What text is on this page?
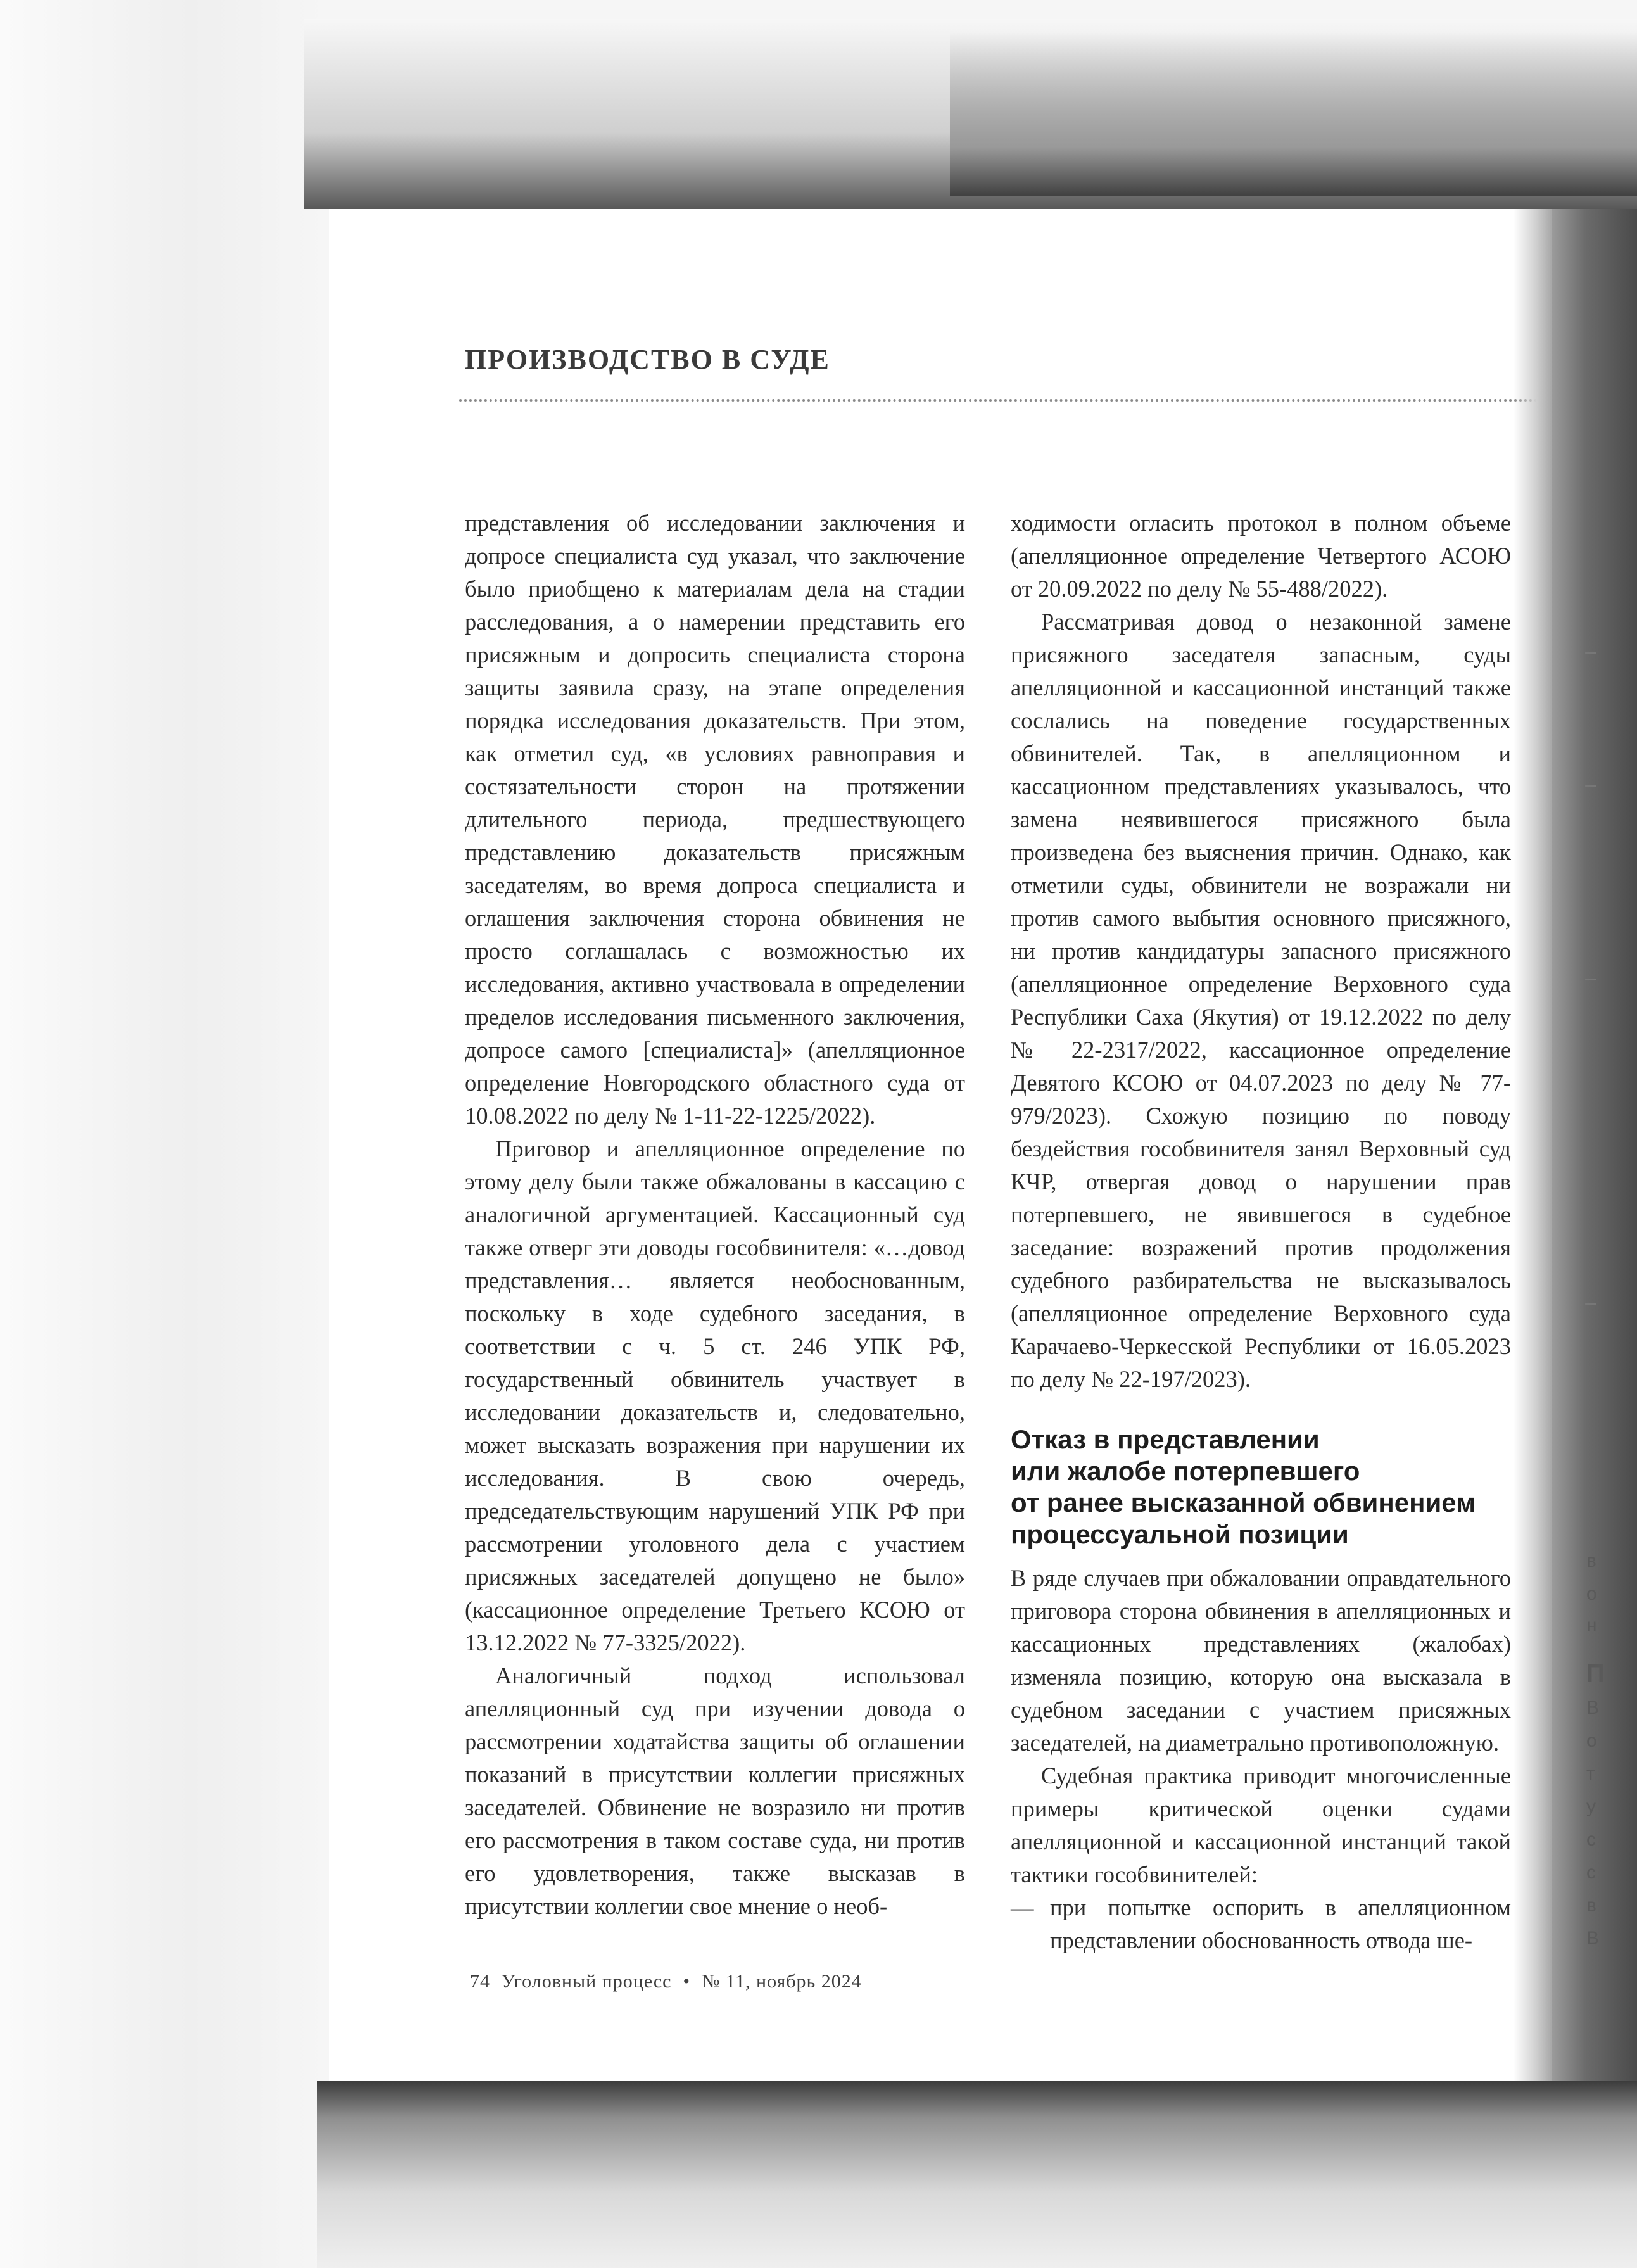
ПРОИЗВОДСТВО В СУДЕ

представления об исследовании заключения и допросе специалиста суд указал, что заключение было приобщено к материалам дела на стадии расследования, а о намерении представить его присяжным и допросить специалиста сторона защиты заявила сразу, на этапе определения порядка исследования доказательств. При этом, как отметил суд, «в условиях равноправия и состязательности сторон на протяжении длительного периода, предшествующего представлению доказательств присяжным заседателям, во время допроса специалиста и оглашения заключения сторона обвинения не просто соглашалась с возможностью их исследования, активно участвовала в определении пределов исследования письменного заключения, допросе самого [специалиста]» (апелляционное определение Новгородского областного суда от 10.08.2022 по делу № 1-11-22-1225/2022).

Приговор и апелляционное определение по этому делу были также обжалованы в кассацию с аналогичной аргументацией. Кассационный суд также отверг эти доводы гособвинителя: «…довод представления… является необоснованным, поскольку в ходе судебного заседания, в соответствии с ч. 5 ст. 246 УПК РФ, государственный обвинитель участвует в исследовании доказательств и, следовательно, может высказать возражения при нарушении их исследования. В свою очередь, председательствующим нарушений УПК РФ при рассмотрении уголовного дела с участием присяжных заседателей допущено не было» (кассационное определение Третьего КСОЮ от 13.12.2022 № 77-3325/2022).

Аналогичный подход использовал апелляционный суд при изучении довода о рассмотрении ходатайства защиты об оглашении показаний в присутствии коллегии присяжных заседателей. Обвинение не возразило ни против его рассмотрения в таком составе суда, ни против его удовлетворения, также высказав в присутствии коллегии свое мнение о необ-

ходимости огласить протокол в полном объеме (апелляционное определение Четвертого АСОЮ от 20.09.2022 по делу № 55-488/2022).

Рассматривая довод о незаконной замене присяжного заседателя запасным, суды апелляционной и кассационной инстанций также сослались на поведение государственных обвинителей. Так, в апелляционном и кассационном представлениях указывалось, что замена неявившегося присяжного была произведена без выяснения причин. Однако, как отметили суды, обвинители не возражали ни против самого выбытия основного присяжного, ни против кандидатуры запасного присяжного (апелляционное определение Верховного суда Республики Саха (Якутия) от 19.12.2022 по делу № 22-2317/2022, кассационное определение Девятого КСОЮ от 04.07.2023 по делу № 77-979/2023). Схожую позицию по поводу бездействия гособвинителя занял Верховный суд КЧР, отвергая довод о нарушении прав потерпевшего, не явившегося в судебное заседание: возражений против продолжения судебного разбирательства не высказывалось (апелляционное определение Верховного суда Карачаево-Черкесской Республики от 16.05.2023 по делу № 22-197/2023).

Отказ в представлении
или жалобе потерпевшего
от ранее высказанной обвинением
процессуальной позиции

В ряде случаев при обжаловании оправдательного приговора сторона обвинения в апелляционных и кассационных представлениях (жалобах) изменяла позицию, которую она высказала в судебном заседании с участием присяжных заседателей, на диаметрально противоположную.

Судебная практика приводит многочисленные примеры критической оценки судами апелляционной и кассационной инстанций такой тактики гособвинителей:

— при попытке оспорить в апелляционном представлении обоснованность отвода ше-
74 Уголовный процесс • № 11, ноябрь 2024
в
о
н
П
В
о
т
у
с
с
в
В
